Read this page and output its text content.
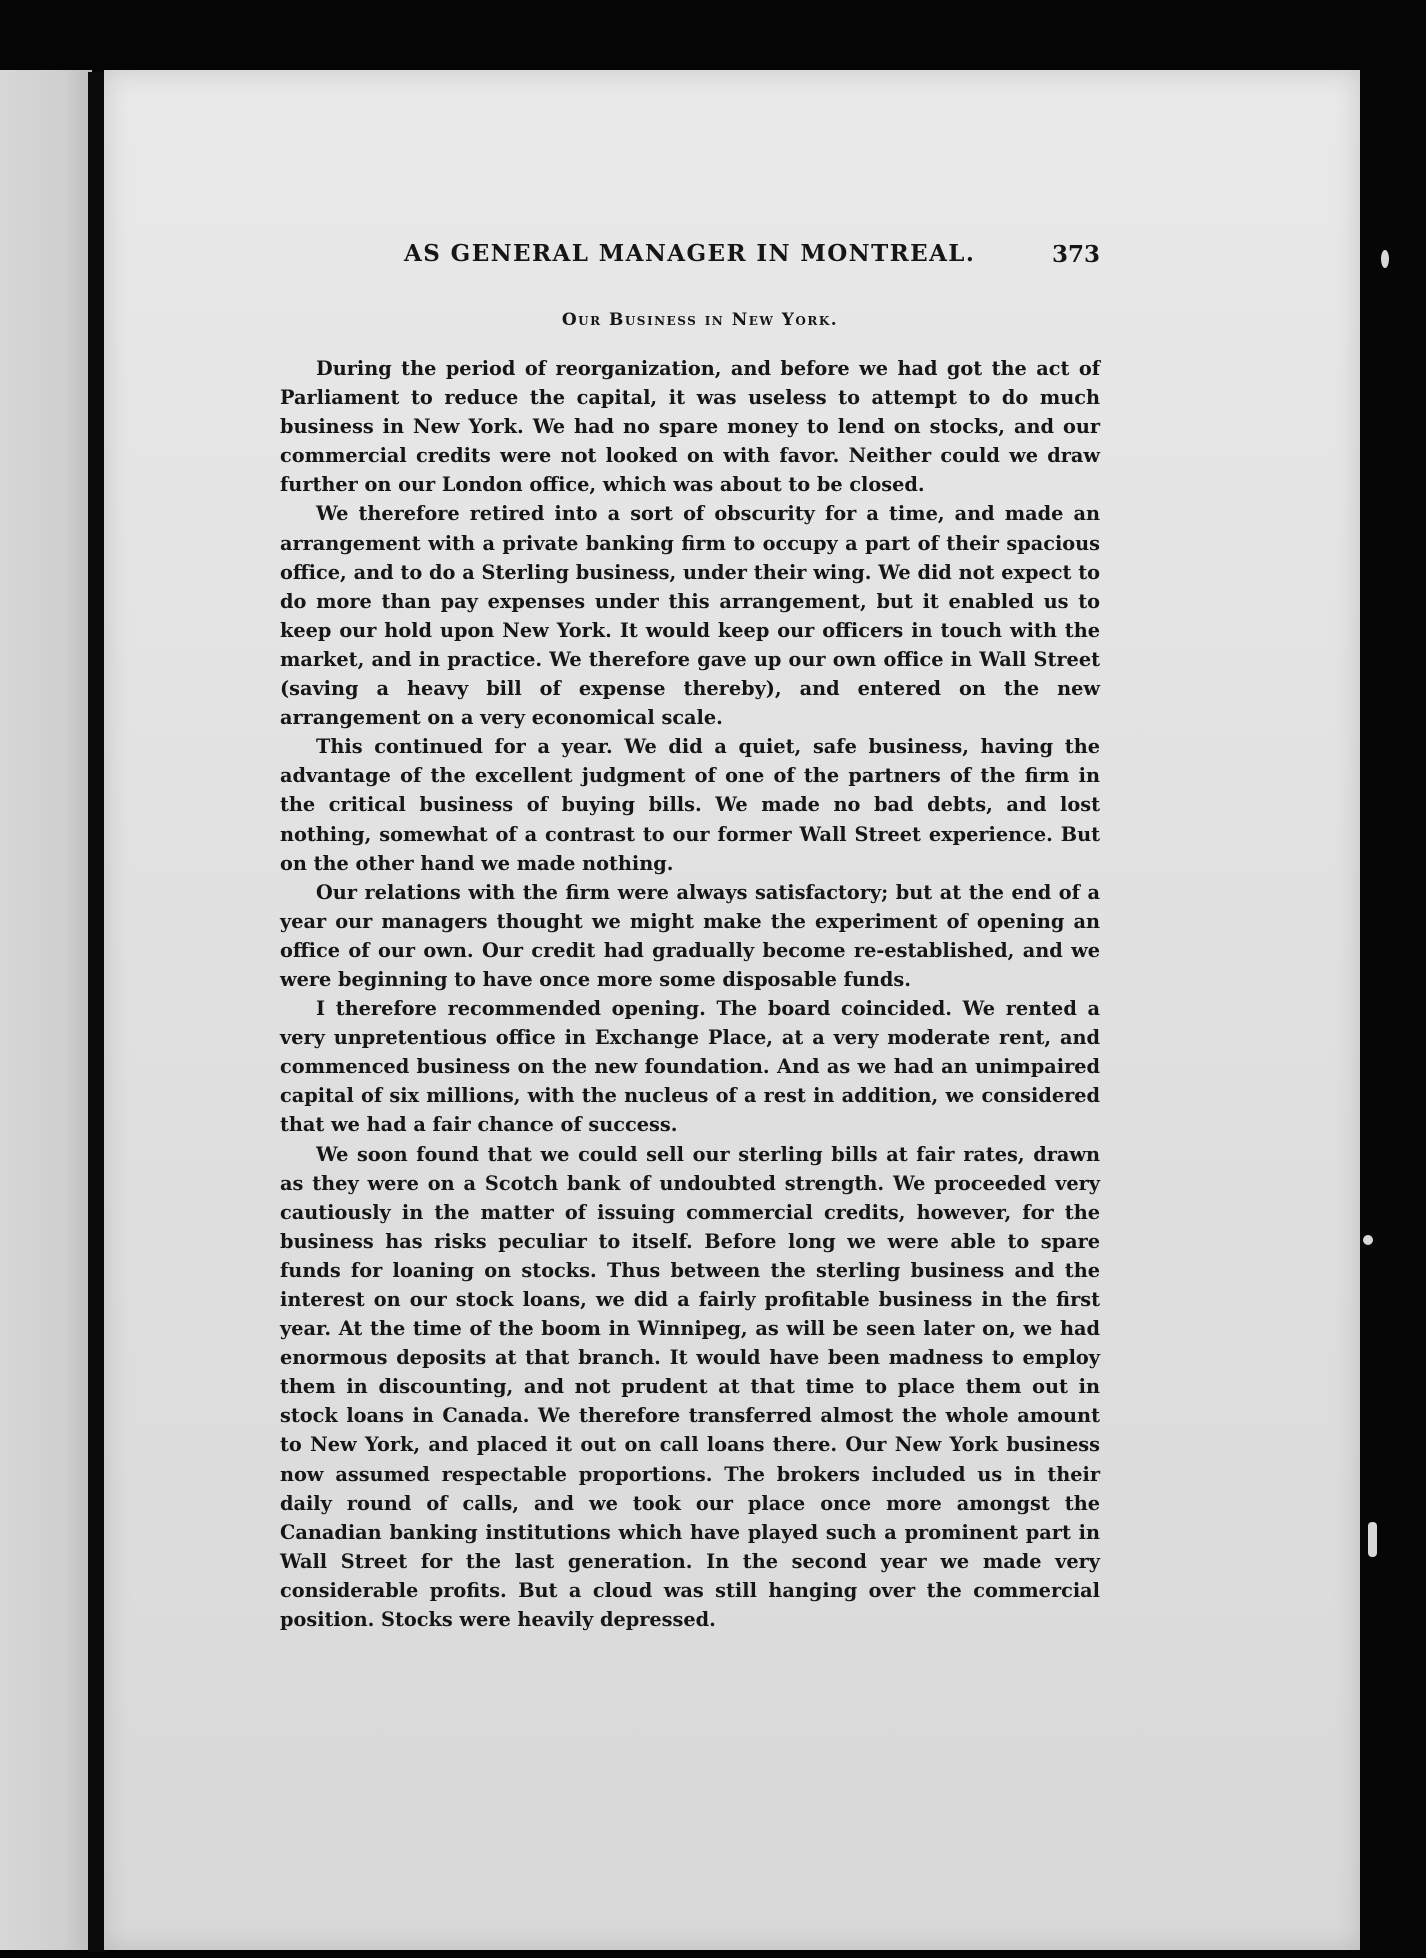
AS GENERAL MANAGER IN MONTREAL.	373
Our Business in New York.

During the period of reorganization, and before we had got the act of Parliament to reduce the capital, it was useless to attempt to do much business in New York. We had no spare money to lend on stocks, and our commercial credits were not looked on with favor. Neither could we draw further on our London office, which was about to be closed.

We therefore retired into a sort of obscurity for a time, and made an arrangement with a private banking firm to occupy a part of their spacious office, and to do a Sterling business, under their wing. We did not expect to do more than pay expenses under this arrangement, but it enabled us to keep our hold upon New York. It would keep our officers in touch with the market, and in practice. We therefore gave up our own office in Wall Street (saving a heavy bill of expense thereby), and entered on the new arrangement on a very economical scale.

This continued for a year. We did a quiet, safe business, having the advantage of the excellent judgment of one of the partners of the firm in the critical business of buying bills. We made no bad debts, and lost nothing, somewhat of a contrast to our former Wall Street experience. But on the other hand we made nothing.

Our relations with the firm were always satisfactory; but at the end of a year our managers thought we might make the experiment of opening an office of our own. Our credit had gradually become re-established, and we were beginning to have once more some disposable funds.

I therefore recommended opening. The board coincided. We rented a very unpretentious office in Exchange Place, at a very moderate rent, and commenced business on the new foundation. And as we had an unimpaired capital of six millions, with the nucleus of a rest in addition, we considered that we had a fair chance of success.

We soon found that we could sell our sterling bills at fair rates, drawn as they were on a Scotch bank of undoubted strength. We proceeded very cautiously in the matter of issuing commercial credits, however, for the business has risks peculiar to itself. Before long we were able to spare funds for loaning on stocks. Thus between the sterling business and the interest on our stock loans, we did a fairly profitable business in the first year. At the time of the boom in Winnipeg, as will be seen later on, we had enormous deposits at that branch. It would have been madness to employ them in discounting, and not prudent at that time to place them out in stock loans in Canada. We therefore transferred almost the whole amount to New York, and placed it out on call loans there. Our New York business now assumed respectable proportions. The brokers included us in their daily round of calls, and we took our place once more amongst the Canadian banking institutions which have played such a prominent part in Wall Street for the last generation. In the second year we made very considerable profits. But a cloud was still hanging over the commercial position. Stocks were heavily depressed.
